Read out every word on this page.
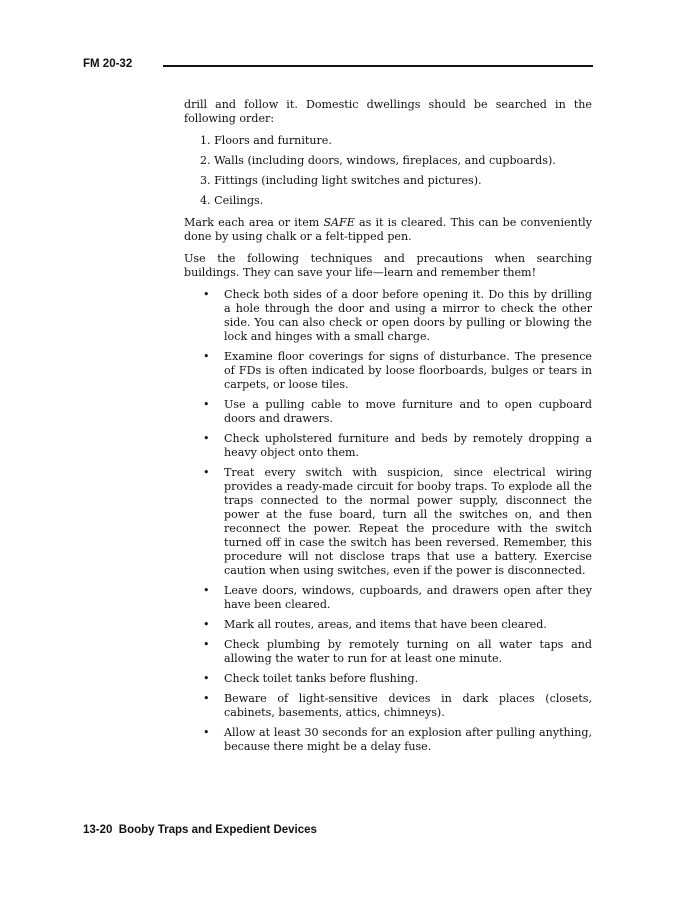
FM 20-32

drill and follow it. Domestic dwellings should be searched in the following order:

1. Floors and furniture.
2. Walls (including doors, windows, fireplaces, and cupboards).
3. Fittings (including light switches and pictures).
4. Ceilings.

Mark each area or item SAFE as it is cleared. This can be conveniently done by using chalk or a felt-tipped pen.

Use the following techniques and precautions when searching buildings. They can save your life—learn and remember them!

• Check both sides of a door before opening it. Do this by drilling a hole through the door and using a mirror to check the other side. You can also check or open doors by pulling or blowing the lock and hinges with a small charge.
• Examine floor coverings for signs of disturbance. The presence of FDs is often indicated by loose floorboards, bulges or tears in carpets, or loose tiles.
• Use a pulling cable to move furniture and to open cupboard doors and drawers.
• Check upholstered furniture and beds by remotely dropping a heavy object onto them.
• Treat every switch with suspicion, since electrical wiring provides a ready-made circuit for booby traps. To explode all the traps connected to the normal power supply, disconnect the power at the fuse board, turn all the switches on, and then reconnect the power. Repeat the procedure with the switch turned off in case the switch has been reversed. Remember, this procedure will not disclose traps that use a battery. Exercise caution when using switches, even if the power is disconnected.
• Leave doors, windows, cupboards, and drawers open after they have been cleared.
• Mark all routes, areas, and items that have been cleared.
• Check plumbing by remotely turning on all water taps and allowing the water to run for at least one minute.
• Check toilet tanks before flushing.
• Beware of light-sensitive devices in dark places (closets, cabinets, basements, attics, chimneys).
• Allow at least 30 seconds for an explosion after pulling anything, because there might be a delay fuse.
13-20  Booby Traps and Expedient Devices
